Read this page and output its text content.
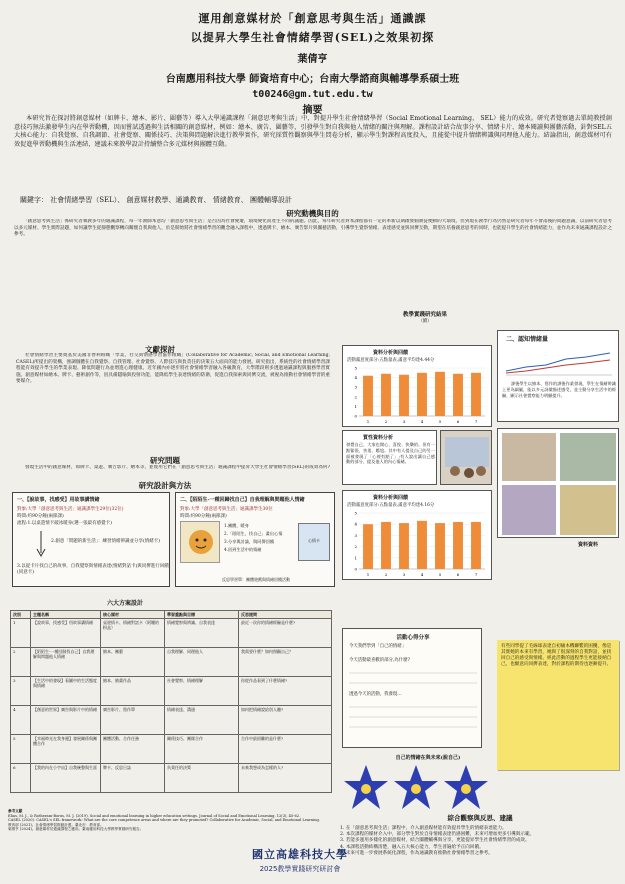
運用創意媒材於「創意思考與生活」通識課
以提昇大學生社會情緒學習(SEL)之效果初探
葉倩亨
台南應用科技大學 師資培育中心；台南大學諮商與輔導學系碩士班
t00246@gm.tut.edu.tw
摘要
本研究旨在探討將創意媒材（如牌卡、繪本、影片、圍藝等）導入大學通識課程「創意思考與生活」中，對提升學生社會情緒學習（Social Emotional Learning， SEL）能力的成效。研究者覺察過去單純教授創意技巧無法激發學生內在學習動機，因而嘗試透過與生活相關的創意媒材，例如：繪本、廣告、圍藝等，引發學生對自我與他人情緒的關注與理解。課程設計結合故事分享、情緒卡片、繪本閱讀與團藝活動，針對SEL五大核心能力：自我覺察、自我調節、社會覺察、關係技巧、決策與問題解決進行教學實作，研究採質性觀察與學生問卷分析，顯示學生對課程高度投入，且能從中提升情緒辨識與同理他人能力。結論指出，創意媒材可有效促進學習動機與生活連結，建議未來教學設計持續整合多元媒材與團體互動。
關鍵字： 社會情緒學習（SEL）、 創意媒材教學、通識教育、 情緒教育、 團體輔導設計
研究動機與目的
「創意思考與生活」係研究者執教多年的通識課程，每一年教師本意均「創意思考與生活」是否因為社會變遷，環境變化而產生不同的議題。因此，每年研究者對本課程都有一定的革新以期啟發個教徒便動的大環境，但到現在教學行為仍然是研究者每年不會落後的問題意識，以前研究者思考以多元媒材、學生實際話題，如何讓學生從靜態觀察轉向關懷自我與他人，於是開始將社會情緒學習的觀念融入課程中，透過牌卡、繪本、廣告影片與團藝活動，引導學生覺察情緒、表達感受並與同儕互動，期望在培養創意思考的同時，也能提升學生的社會情緒能力，並作為未來通識課程設計之參考。
文獻探討
社會情緒學習主要奠基於美國非營利組織「學業、社交與情感學習協作組織」(Collaborative for Academic, Social, and Emotional Learning, CASEL)所提出的架構，強調個體在自我覺察、自我管理、社會覺察、人際技巧與負責任的決策五大面向的能力發展。研究指出，系統性的社會情緒學習課程能有效提升學生的學業表現、降低問題行為並增進心理健康。近年國內亦逐步將社會情緒學習融入各級教育，大學階段則多透過通識課程與服務學習實施。創意媒材如繪本、牌卡、藝術創作等，因具備隱喻與投射功能，能降低學生表達情緒的防衛，促進自我探索與同儕交流，被視為推動社會情緒學習的重要媒介。
研究問題
發現生活中的創意媒材，如牌卡、桌遊、廣告影片、繪本等，並使用它們在「創意思考與生活」通識課程中提昇大學生社會情緒學習(SEL)的成效為何?
研究設計與方法
一、【說故事，找感受】用故事講情緒
對象:大學「創意思考與生活」通識課學生29位(32位)
時間:約90分鐘(兩節課)
流程:1.以桌遊情卡破冰暖身(選一張最有感覺卡)
2.創意「問題的新生活」：練習情緒辨識並分享(情緒卡)
3.以從卡片找自己的故事，自我覺察與情緒表達(情緒對話卡)與同儕進行回饋(同意卡)
二、【陌陌生-一種回歸找自己】自我理解與問題他人情緒
對象:大學「創意思考與生活」通識課學生30位
時間:約90分鐘(兩節課)
1.團體，暖身
2.「陌陌生，找自己」畫出心情
3.分享與討論，與同儕回饋
4.回到生活中的情緒
心情卡
反思學習單：團體遊戲與情緒回饋活動
六大方案設計
次別	主題名稱	核心媒材	學習重點與目標	反思提問
1	【說故事，找感受】用故事講情緒	桌遊情卡、情緒對話卡（阿嬤的粉盒）	情緒覺察與辨識、自我表達	最近一次你的情緒經驗是什麼?
2	【陌陌生-一種回歸找自己】自我理解與問題他人情緒	繪本、團藝	自我理解、同理他人	我需要什麼？如何照顧自己？
3	【生活中的發現】看圖中的生活態度與情緒	繪本、繪畫作品	社會覺察、情緒理解	你從作品看到了什麼情緒?
4	【創意的世界】廣告與影片中的情緒	廣告影片、寫作單	情緒表達、溝通	如何把情緒說給別人聽?
5	【幸福時光在我身邊】發展關係與團體合作	團體活動、合作任務	關係技巧、團隊合作	合作中最困難的是什麼?
6	【我的內在小宇宙】自我統整與生涯	牌卡、反思日誌	負責任的決策	未來我想成為怎樣的人?
參考文獻
Elias, M. J., & Rotheram-Borus, M. J. (2019). Social and emotional learning in higher education settings. Journal of Social and Emotional Learning, 12(3), 45-62.
CASEL (2020). CASEL's SEL framework: What are the core competence areas and where are they promoted? Collaborative for Academic, Social, and Emotional Learning.
教育部 (2021)。社會情緒學習推動計畫。臺北市：教育部。
葉倩亨 (2024)。創意媒材於通識課程之應用。臺南應用科技大學教學實踐研究報告。
教學實踐研究結果
（續）
資料分析與回饋
活動滿意度部分:五點量表,滿意平均達4.44分
0
1
2
3
4
5
1	2	3	4	5	6	7
二、認知情緒量
課後學生以繪本、寫作的課後作業發現，學生在情緒辨識上更為細膩，能以多元詞彙描述感受，並主動分享生活中的經驗，顯示社會覺察能力明顯提升。
質性資料分析
發覺自己、大家也開心、喜悅、快樂的。但有一點緊張、害羞、尷尬。其中有人提及自己的另一面被發現了「心裡有點了」;有人說出讓自己感動的部分、提及他人的內心情緒。
資料資料
資料分析與回饋
活動滿意度部分:五點量表,滿意平均達4.16分
0
1
2
3
4
5
1	2	3	4	5	6	7
活動心得分享
今天我們學到「自己的情緒」
今天活動最喜歡的部分,為什麼?
透過今天的活動，我發現…
有些同學提了毛線球表達自初級本機聯繫的困擾，像是其實她的本來有學習，她與了很深刻的自我對話，並找回自己的感受與情緒。經此活動的過程學生更能接納自己，也願意向同儕表達，對於課程的期待也逐漸提升。
自己的情緒在與未來(說自己)
綜合觀察與反思、建議
1. 在「創意思考與生活」課程中，介入創意媒材能有效提昇學生的情緒表達能力。
2. 本次課程的媒材介入中，部分學生對於自身情緒表達仍感困難，未來可增加更多引導與示範。
3. 若能多運用多樣化的創意媒材，結合團體輔導與分享，更能提昇學生社會情緒學習的成效。
4. 本課程活動結構清楚，融入五大核心能力，學生普遍給予正向回饋。
5. 未來可進一步發展系統化課程，作為通識教育推動社會情緒學習之參考。
國立高雄科技大學
2025教學實踐研究研討會
